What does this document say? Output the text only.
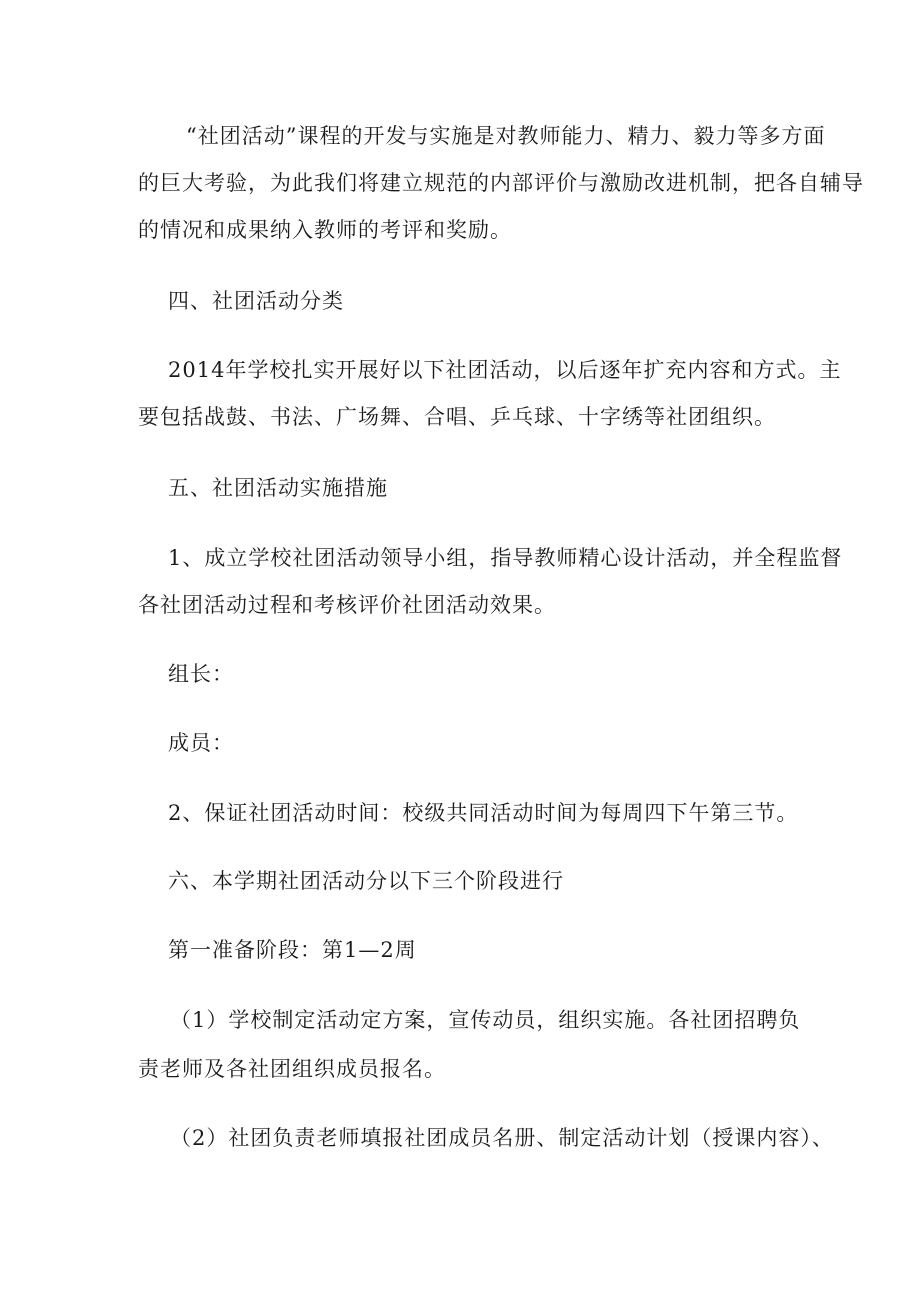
“社团活动”课程的开发与实施是对教师能力、精力、毅力等多方面
的巨大考验，为此我们将建立规范的内部评价与激励改进机制，把各自辅导
的情况和成果纳入教师的考评和奖励。
四、社团活动分类
2014年学校扎实开展好以下社团活动，以后逐年扩充内容和方式。主
要包括战鼓、书法、广场舞、合唱、乒乓球、十字绣等社团组织。
五、社团活动实施措施
1、成立学校社团活动领导小组，指导教师精心设计活动，并全程监督
各社团活动过程和考核评价社团活动效果。
组长：
成员：
2、保证社团活动时间：校级共同活动时间为每周四下午第三节。
六、本学期社团活动分以下三个阶段进行
第一准备阶段：第1—2周
（1）学校制定活动定方案，宣传动员，组织实施。各社团招聘负
责老师及各社团组织成员报名。
（2）社团负责老师填报社团成员名册、制定活动计划（授课内容）、
